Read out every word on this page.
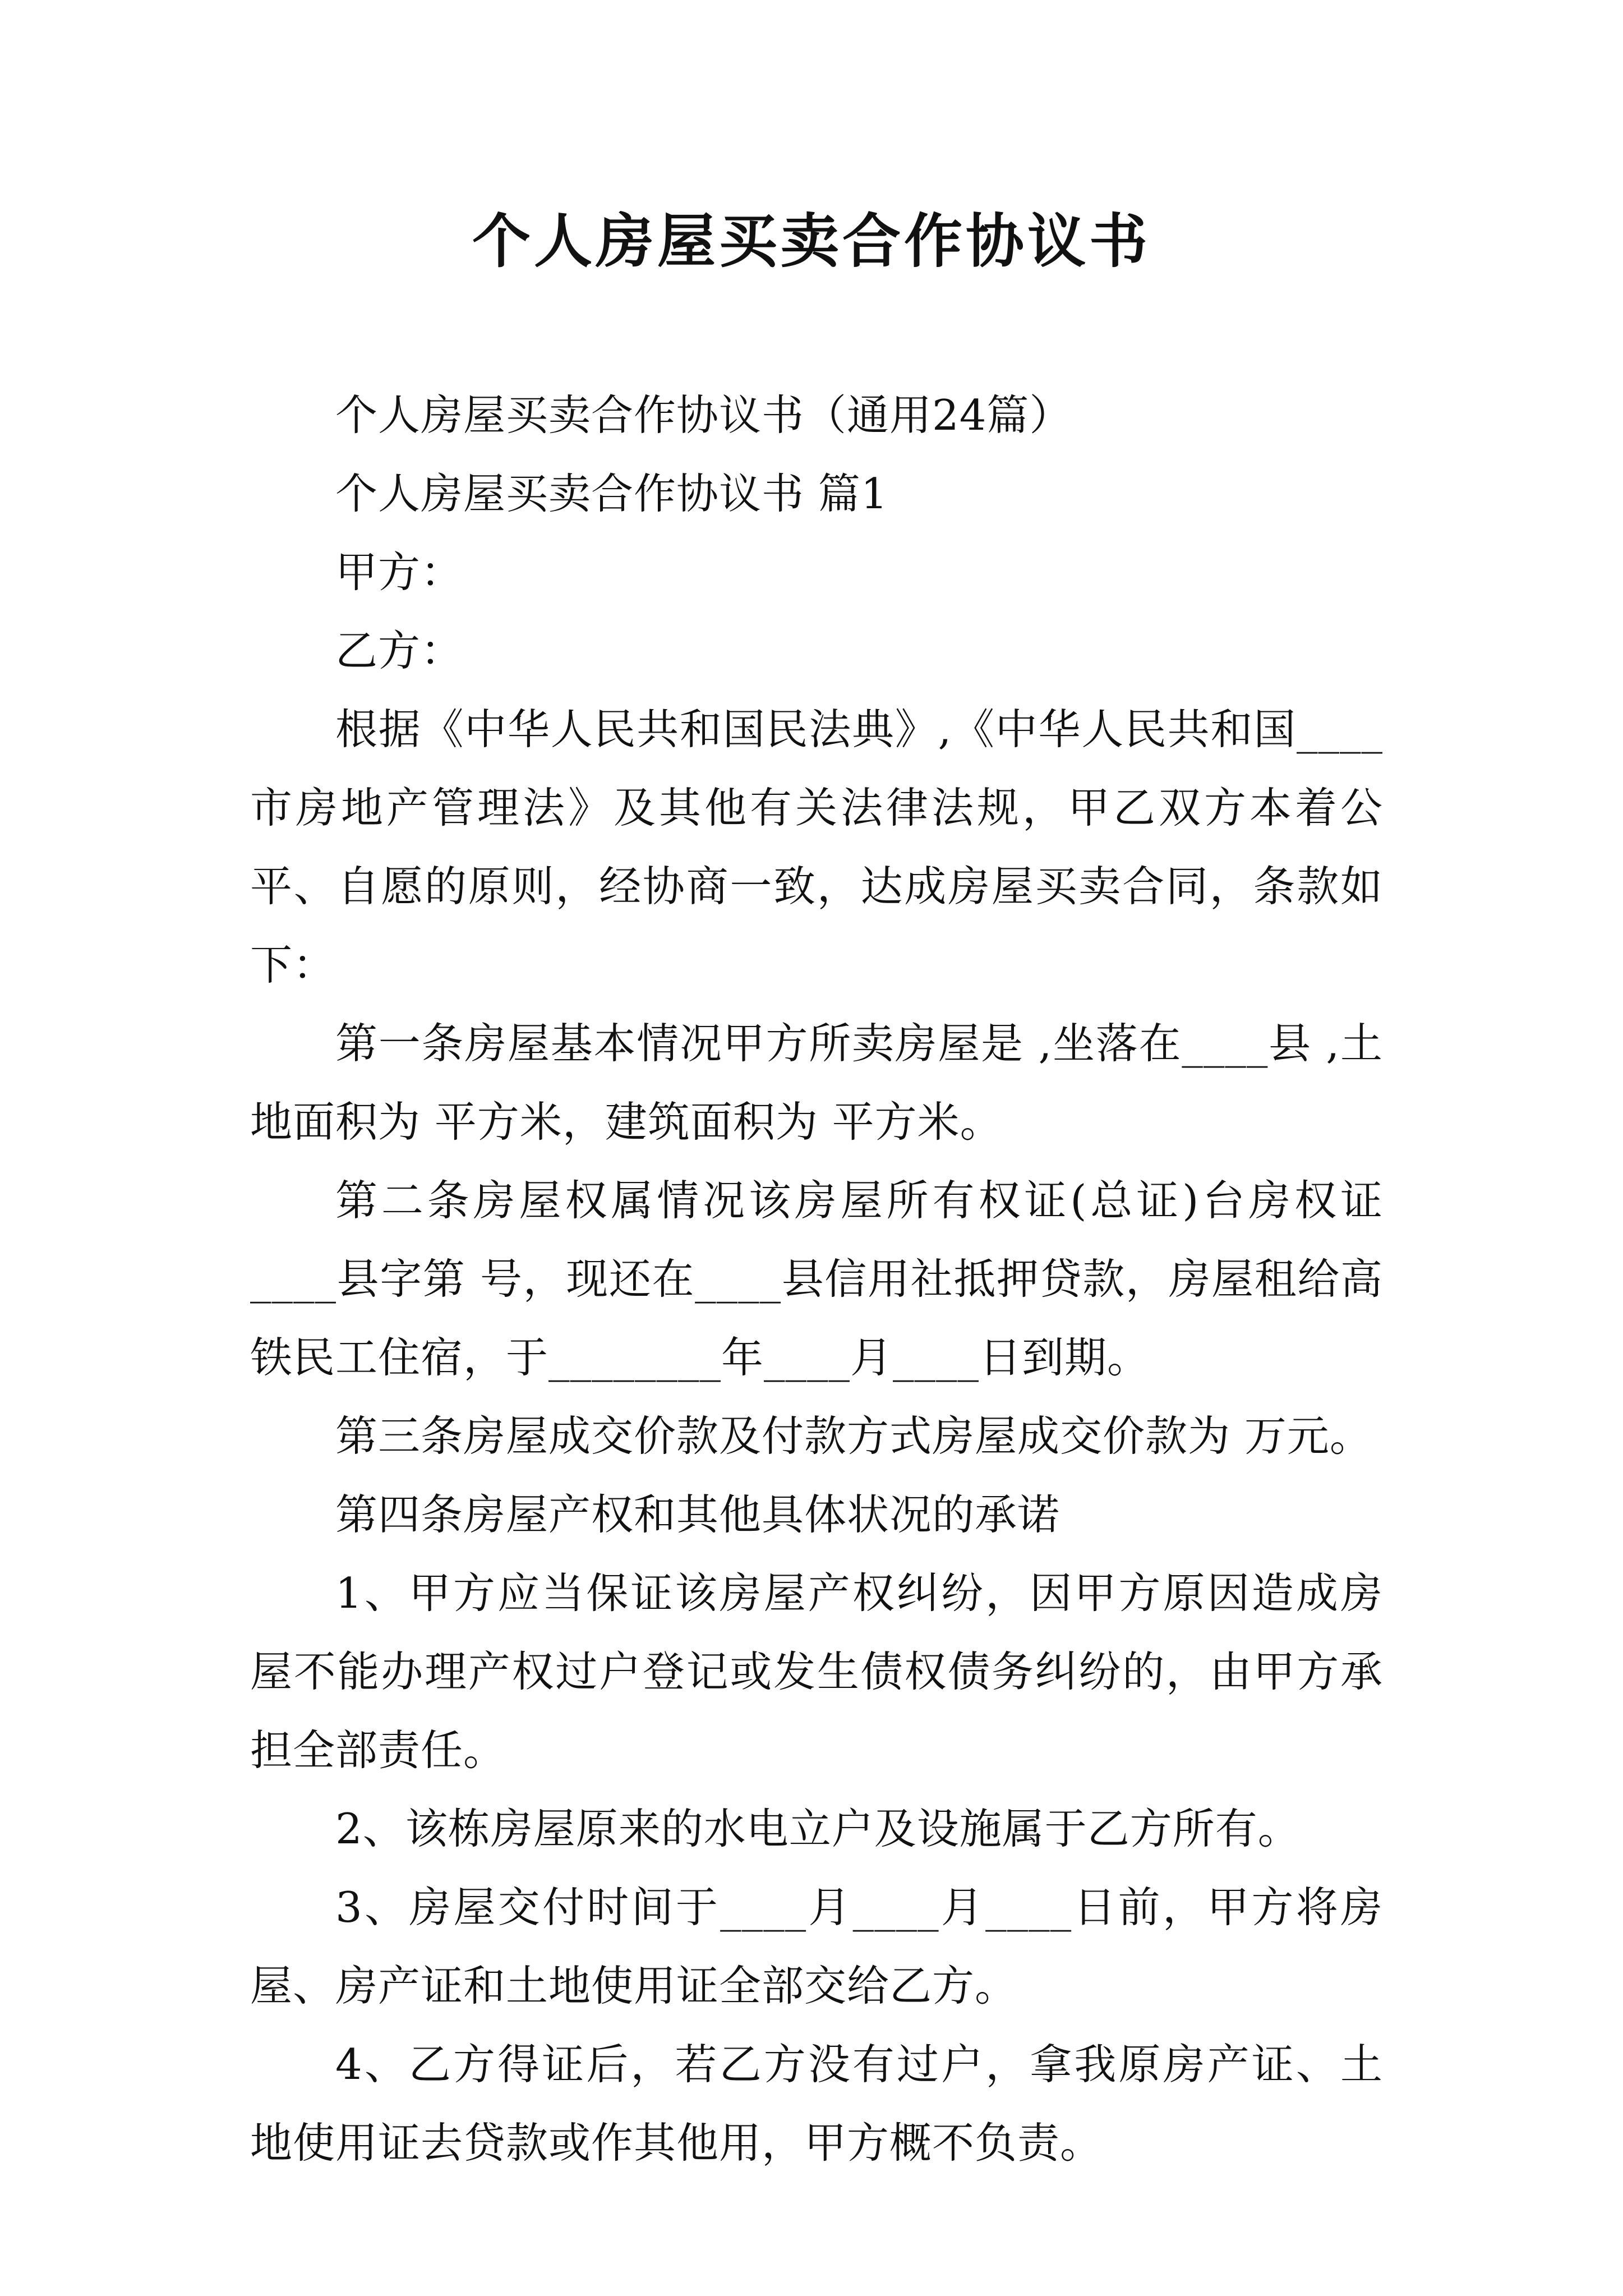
个人房屋买卖合作协议书

个人房屋买卖合作协议书（通用24篇）

个人房屋买卖合作协议书 篇1

甲方：

乙方：

根据《中华人民共和国民法典》,《中华人民共和国____市房地产管理法》及其他有关法律法规，甲乙双方本着公平、自愿的原则，经协商一致，达成房屋买卖合同，条款如下：

第一条房屋基本情况甲方所卖房屋是 ,坐落在____县 ,土地面积为 平方米，建筑面积为 平方米。

第二条房屋权属情况该房屋所有权证(总证)台房权证____县字第 号，现还在____县信用社抵押贷款，房屋租给高铁民工住宿，于________年____月____日到期。

第三条房屋成交价款及付款方式房屋成交价款为 万元。

第四条房屋产权和其他具体状况的承诺

1、甲方应当保证该房屋产权纠纷，因甲方原因造成房屋不能办理产权过户登记或发生债权债务纠纷的，由甲方承担全部责任。

2、该栋房屋原来的水电立户及设施属于乙方所有。

3、房屋交付时间于____月____月____日前，甲方将房屋、房产证和土地使用证全部交给乙方。

4、乙方得证后，若乙方没有过户，拿我原房产证、土地使用证去贷款或作其他用，甲方概不负责。
